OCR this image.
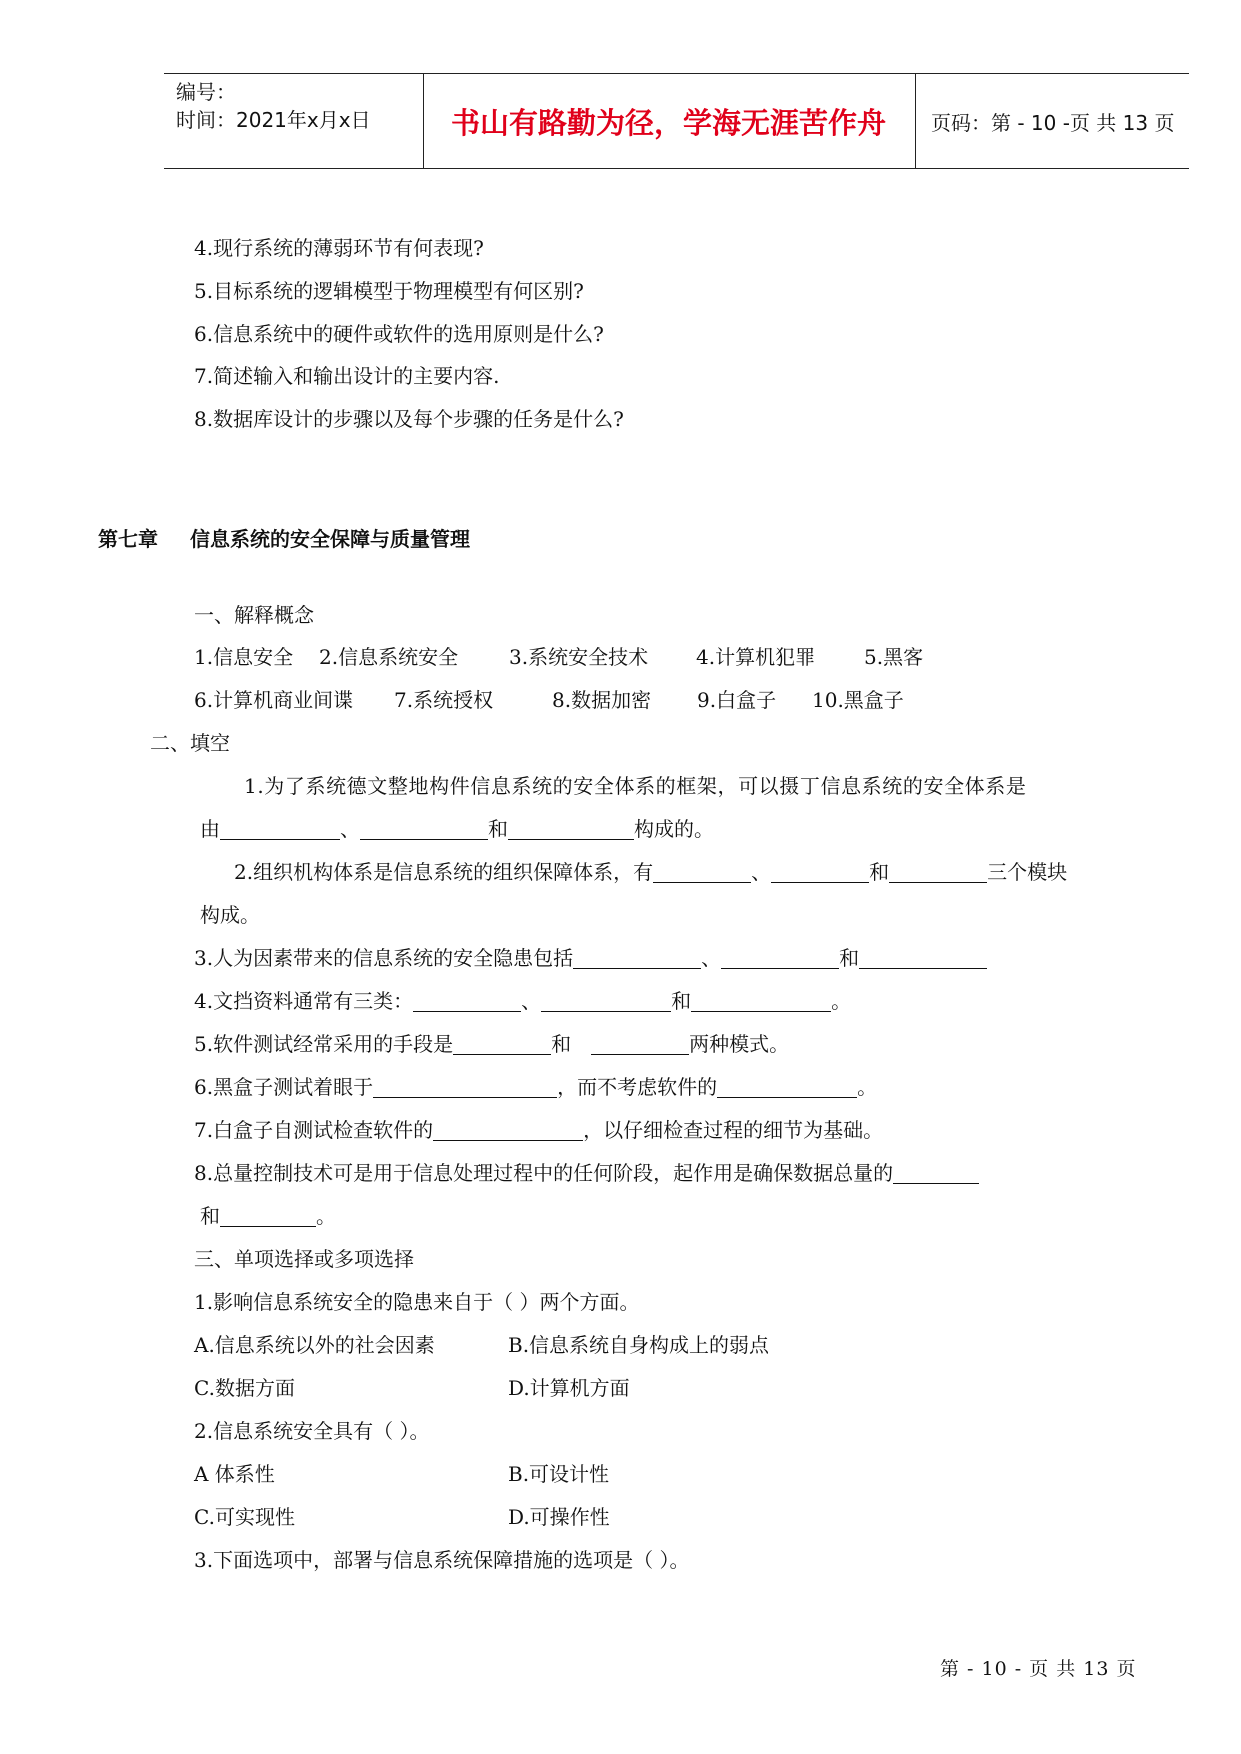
编号：
时间：2021年x月x日	书山有路勤为径，学海无涯苦作舟	页码：第 - 10 -页 共 13 页
4.现行系统的薄弱环节有何表现?
5.目标系统的逻辑模型于物理模型有何区别?
6.信息系统中的硬件或软件的选用原则是什么?
7.简述输入和输出设计的主要内容.
8.数据库设计的步骤以及每个步骤的任务是什么?
第七章 信息系统的安全保障与质量管理
一、解释概念
1.信息安全 2.信息系统安全	3.系统安全技术 4.计算机犯罪 5.黑客
6.计算机商业间谍 7.系统授权	8.数据加密 9.白盒子 10.黑盒子
二、填空
1.为了系统德文整地构件信息系统的安全体系的框架，可以摄丁信息系统的安全体系是
由	、	和	构成的。
2.组织机构体系是信息系统的组织保障体系，有	、	和	三个模块
构成。
3.人为因素带来的信息系统的安全隐患包括	、	和
4.文挡资料通常有三类：	、	和	。
5.软件测试经常采用的手段是	和	两种模式。
6.黑盒子测试着眼于	，而不考虑软件的	。
7.白盒子自测试检查软件的	，以仔细检查过程的细节为基础。
8.总量控制技术可是用于信息处理过程中的任何阶段，起作用是确保数据总量的
和	。
三、单项选择或多项选择
1.影响信息系统安全的隐患来自于（ ）两个方面。
A.信息系统以外的社会因素	B.信息系统自身构成上的弱点
C.数据方面	D.计算机方面
2.信息系统安全具有（ ）。
A 体系性	B.可设计性
C.可实现性	D.可操作性
3.下面选项中，部署与信息系统保障措施的选项是（ ）。
第 - 10 - 页 共 13 页
